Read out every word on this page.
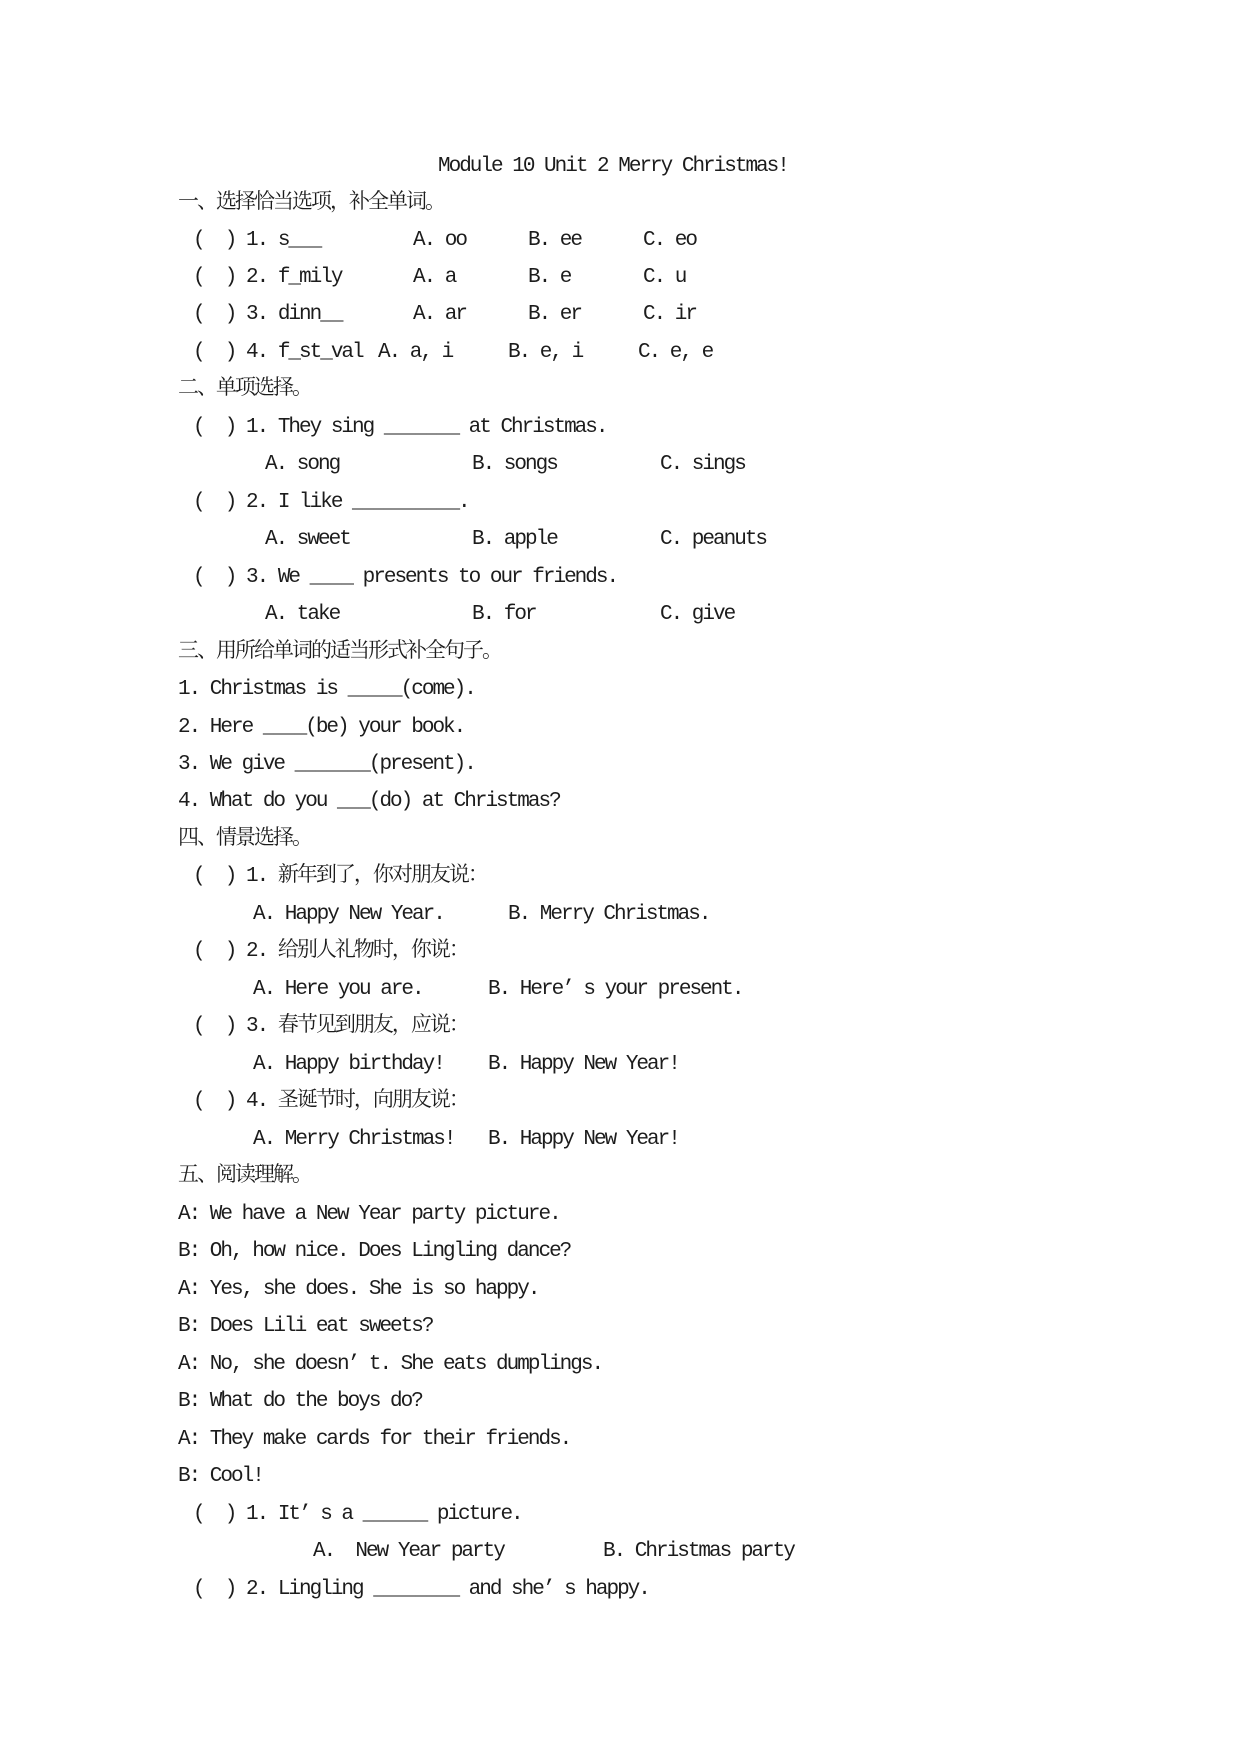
Module 10 Unit 2 Merry Christmas!
一、选择恰当选项，补全单词。
(  ) 1. s___	A. oo	B. ee	C. eo
(  ) 2. f_mily	A. a	B. e	C. u
(  ) 3. dinn__	A. ar	B. er	C. ir
(  ) 4. f_st_val A. a, i	B. e, i	C. e, e
二、单项选择。
(  ) 1. They sing _______ at Christmas.
A. song	B. songs	C. sings
(  ) 2. I like __________.
A. sweet	B. apple	C. peanuts
(  ) 3. We ____ presents to our friends.
A. take	B. for	C. give
三、用所给单词的适当形式补全句子。
1. Christmas is _____(come).
2. Here ____(be) your book.
3. We give _______(present).
4. What do you ___(do) at Christmas?
四、情景选择。
(  ) 1. 新年到了，你对朋友说：
A. Happy New Year.	B. Merry Christmas.
(  ) 2. 给别人礼物时，你说：
A. Here you are.	B. Here’ s your present.
(  ) 3. 春节见到朋友，应说：
A. Happy birthday! B. Happy New Year!
(  ) 4. 圣诞节时，向朋友说：
A. Merry Christmas! B. Happy New Year!
五、阅读理解。
A: We have a New Year party picture.
B: Oh, how nice. Does Lingling dance?
A: Yes, she does. She is so happy.
B: Does Lili eat sweets?
A: No, she doesn’ t. She eats dumplings.
B: What do the boys do?
A: They make cards for their friends.
B: Cool!
(  ) 1. It’ s a ______ picture.
A.  New Year party	B. Christmas party
(  ) 2. Lingling ________ and she’ s happy.
